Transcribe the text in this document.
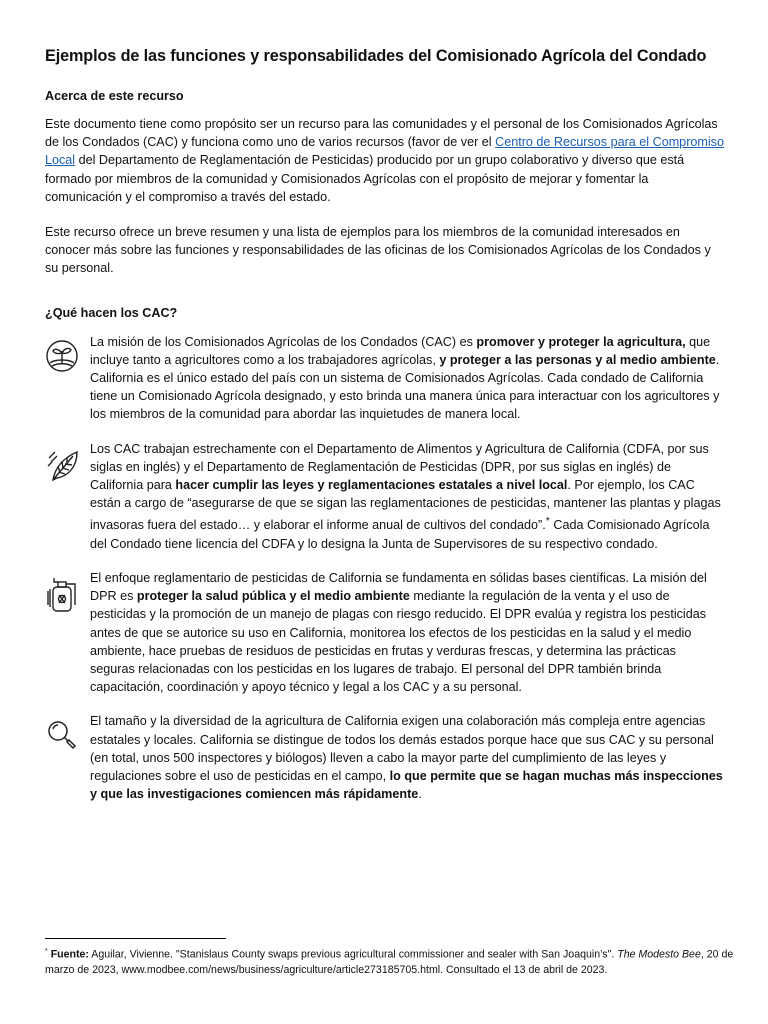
Ejemplos de las funciones y responsabilidades del Comisionado Agrícola del Condado
Acerca de este recurso

Este documento tiene como propósito ser un recurso para las comunidades y el personal de los Comisionados Agrícolas de los Condados (CAC) y funciona como uno de varios recursos (favor de ver el Centro de Recursos para el Compromiso Local del Departamento de Reglamentación de Pesticidas) producido por un grupo colaborativo y diverso que está formado por miembros de la comunidad y Comisionados Agrícolas con el propósito de mejorar y fomentar la comunicación y el compromiso a través del estado.

Este recurso ofrece un breve resumen y una lista de ejemplos para los miembros de la comunidad interesados en conocer más sobre las funciones y responsabilidades de las oficinas de los Comisionados Agrícolas de los Condados y su personal.

¿Qué hacen los CAC?

La misión de los Comisionados Agrícolas de los Condados (CAC) es promover y proteger la agricultura, que incluye tanto a agricultores como a los trabajadores agrícolas, y proteger a las personas y al medio ambiente. California es el único estado del país con un sistema de Comisionados Agrícolas. Cada condado de California tiene un Comisionado Agrícola designado, y esto brinda una manera única para interactuar con los agricultores y los miembros de la comunidad para abordar las inquietudes de manera local.

Los CAC trabajan estrechamente con el Departamento de Alimentos y Agricultura de California (CDFA, por sus siglas en inglés) y el Departamento de Reglamentación de Pesticidas (DPR, por sus siglas en inglés) de California para hacer cumplir las leyes y reglamentaciones estatales a nivel local. Por ejemplo, los CAC están a cargo de “asegurarse de que se sigan las reglamentaciones de pesticidas, mantener las plantas y plagas invasoras fuera del estado… y elaborar el informe anual de cultivos del condado”.* Cada Comisionado Agrícola del Condado tiene licencia del CDFA y lo designa la Junta de Supervisores de su respectivo condado.

El enfoque reglamentario de pesticidas de California se fundamenta en sólidas bases científicas. La misión del DPR es proteger la salud pública y el medio ambiente mediante la regulación de la venta y el uso de pesticidas y la promoción de un manejo de plagas con riesgo reducido. El DPR evalúa y registra los pesticidas antes de que se autorice su uso en California, monitorea los efectos de los pesticidas en la salud y el medio ambiente, hace pruebas de residuos de pesticidas en frutas y verduras frescas, y determina las prácticas seguras relacionadas con los pesticidas en los lugares de trabajo. El personal del DPR también brinda capacitación, coordinación y apoyo técnico y legal a los CAC y a su personal.

El tamaño y la diversidad de la agricultura de California exigen una colaboración más compleja entre agencias estatales y locales. California se distingue de todos los demás estados porque hace que sus CAC y su personal (en total, unos 500 inspectores y biólogos) lleven a cabo la mayor parte del cumplimiento de las leyes y regulaciones sobre el uso de pesticidas en el campo, lo que permite que se hagan muchas más inspecciones y que las investigaciones comiencen más rápidamente.

* Fuente: Aguilar, Vivienne. "Stanislaus County swaps previous agricultural commissioner and sealer with San Joaquin’s". The Modesto Bee, 20 de marzo de 2023, www.modbee.com/news/business/agriculture/article273185705.html. Consultado el 13 de abril de 2023.
